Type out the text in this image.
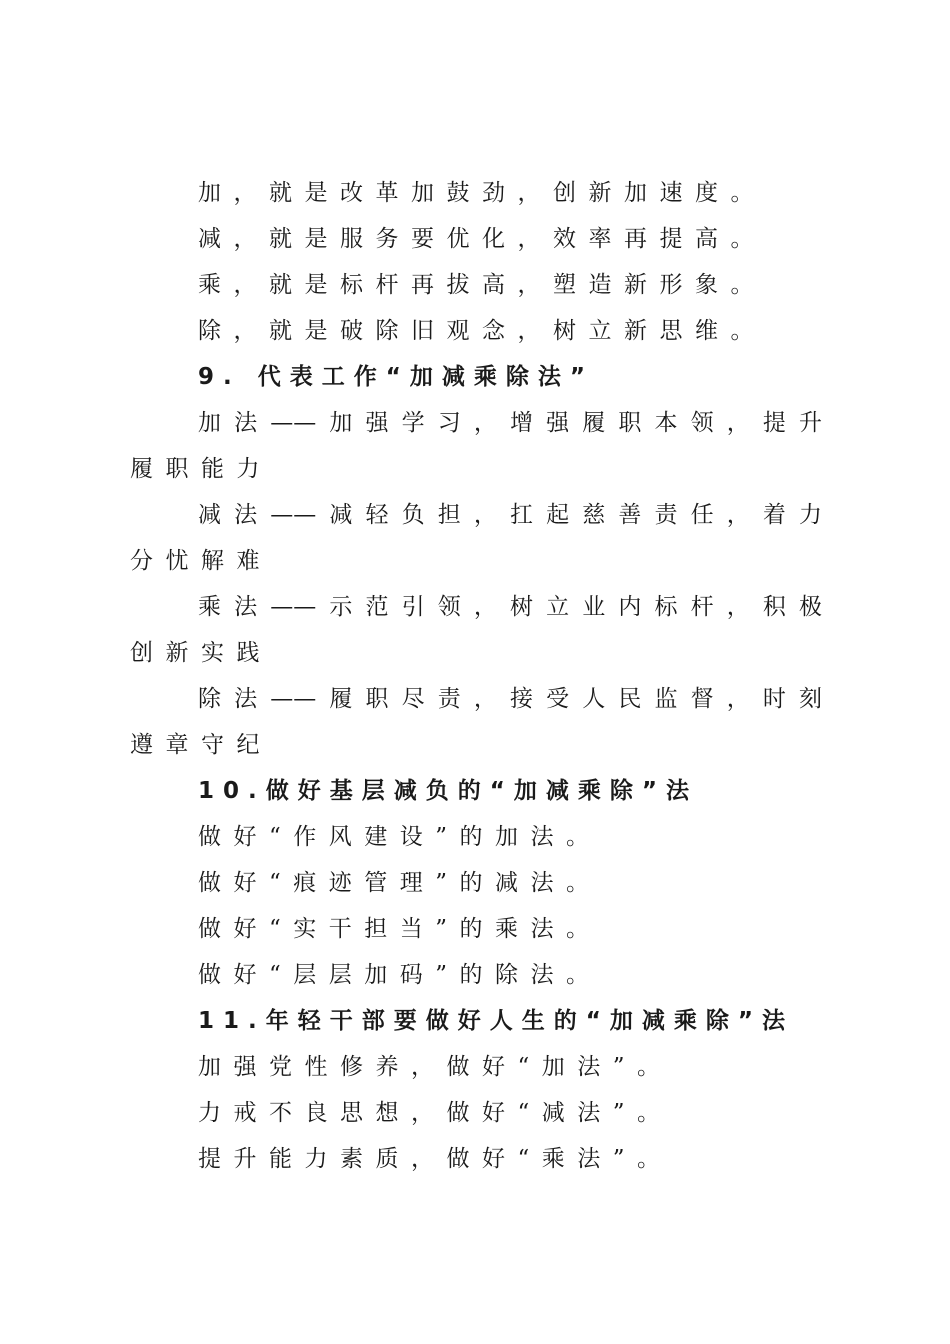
加，就是改革加鼓劲，创新加速度。
减，就是服务要优化，效率再提高。
乘，就是标杆再拔高，塑造新形象。
除，就是破除旧观念，树立新思维。
9. 代表工作“加减乘除法”
加法——加强学习，增强履职本领，提升
履职能力
减法——减轻负担，扛起慈善责任，着力
分忧解难
乘法——示范引领，树立业内标杆，积极
创新实践
除法——履职尽责，接受人民监督，时刻
遵章守纪
10.做好基层减负的“加减乘除”法
做好“作风建设”的加法。
做好“痕迹管理”的减法。
做好“实干担当”的乘法。
做好“层层加码”的除法。
11.年轻干部要做好人生的“加减乘除”法
加强党性修养，做好“加法”。
力戒不良思想，做好“减法”。
提升能力素质，做好“乘法”。
